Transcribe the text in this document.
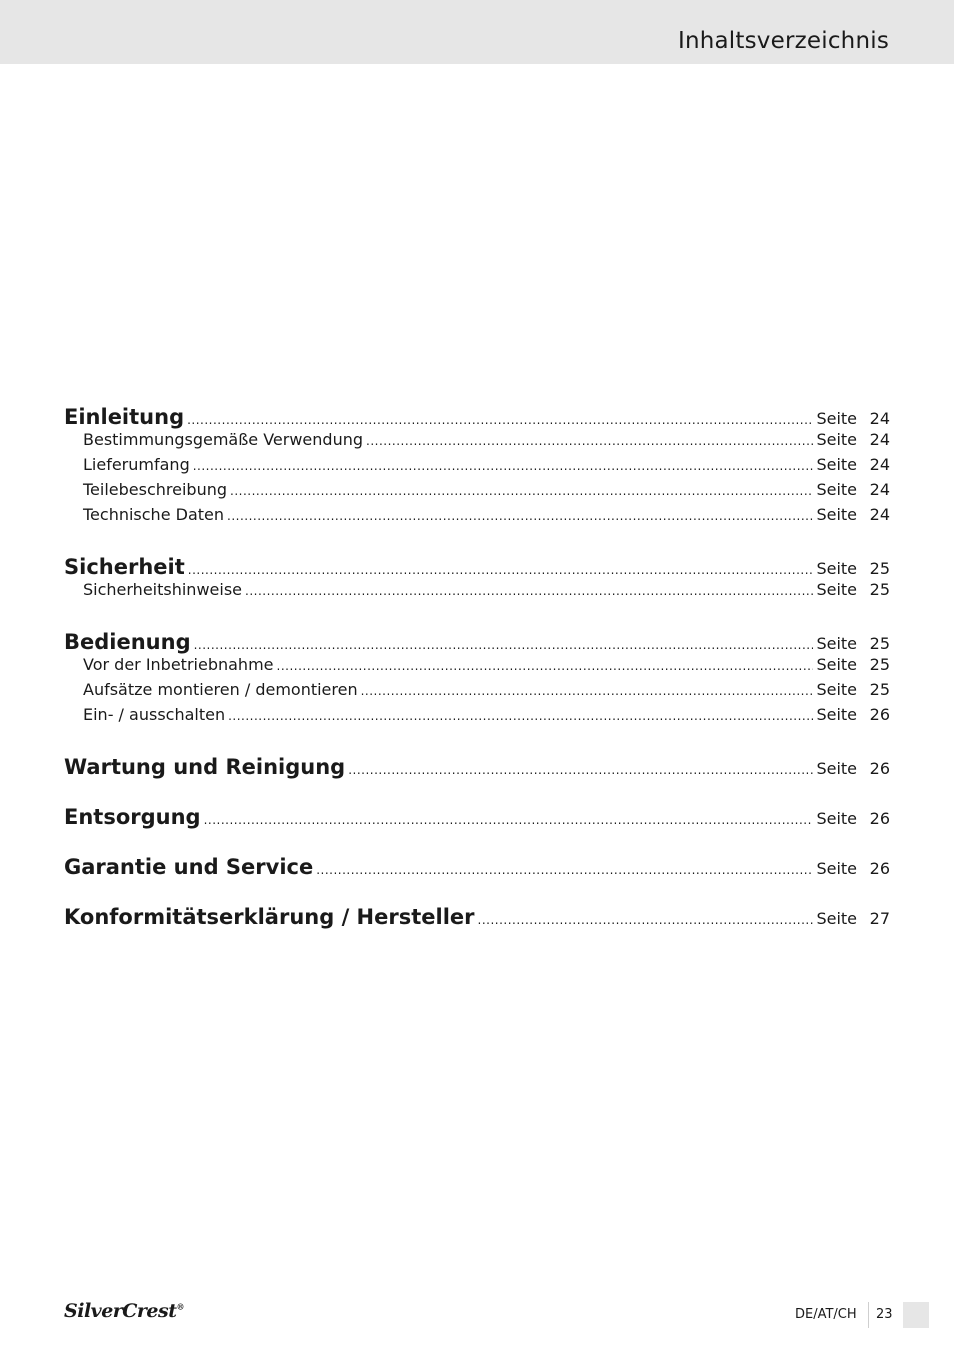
Inhaltsverzeichnis
Einleitung .....	Seite 24
Bestimmungsgemäße Verwendung .....	Seite 24
Lieferumfang .....	Seite 24
Teilebeschreibung .....	Seite 24
Technische Daten .....	Seite 24
Sicherheit .....	Seite 25
Sicherheitshinweise .....	Seite 25
Bedienung .....	Seite 25
Vor der Inbetriebnahme .....	Seite 25
Aufsätze montieren / demontieren .....	Seite 25
Ein- / ausschalten .....	Seite 26
Wartung und Reinigung .....	Seite 26
Entsorgung .....	Seite 26
Garantie und Service .....	Seite 26
Konformitätserklärung / Hersteller .....	Seite 27
SilverCrest®
DE/AT/CH 23
